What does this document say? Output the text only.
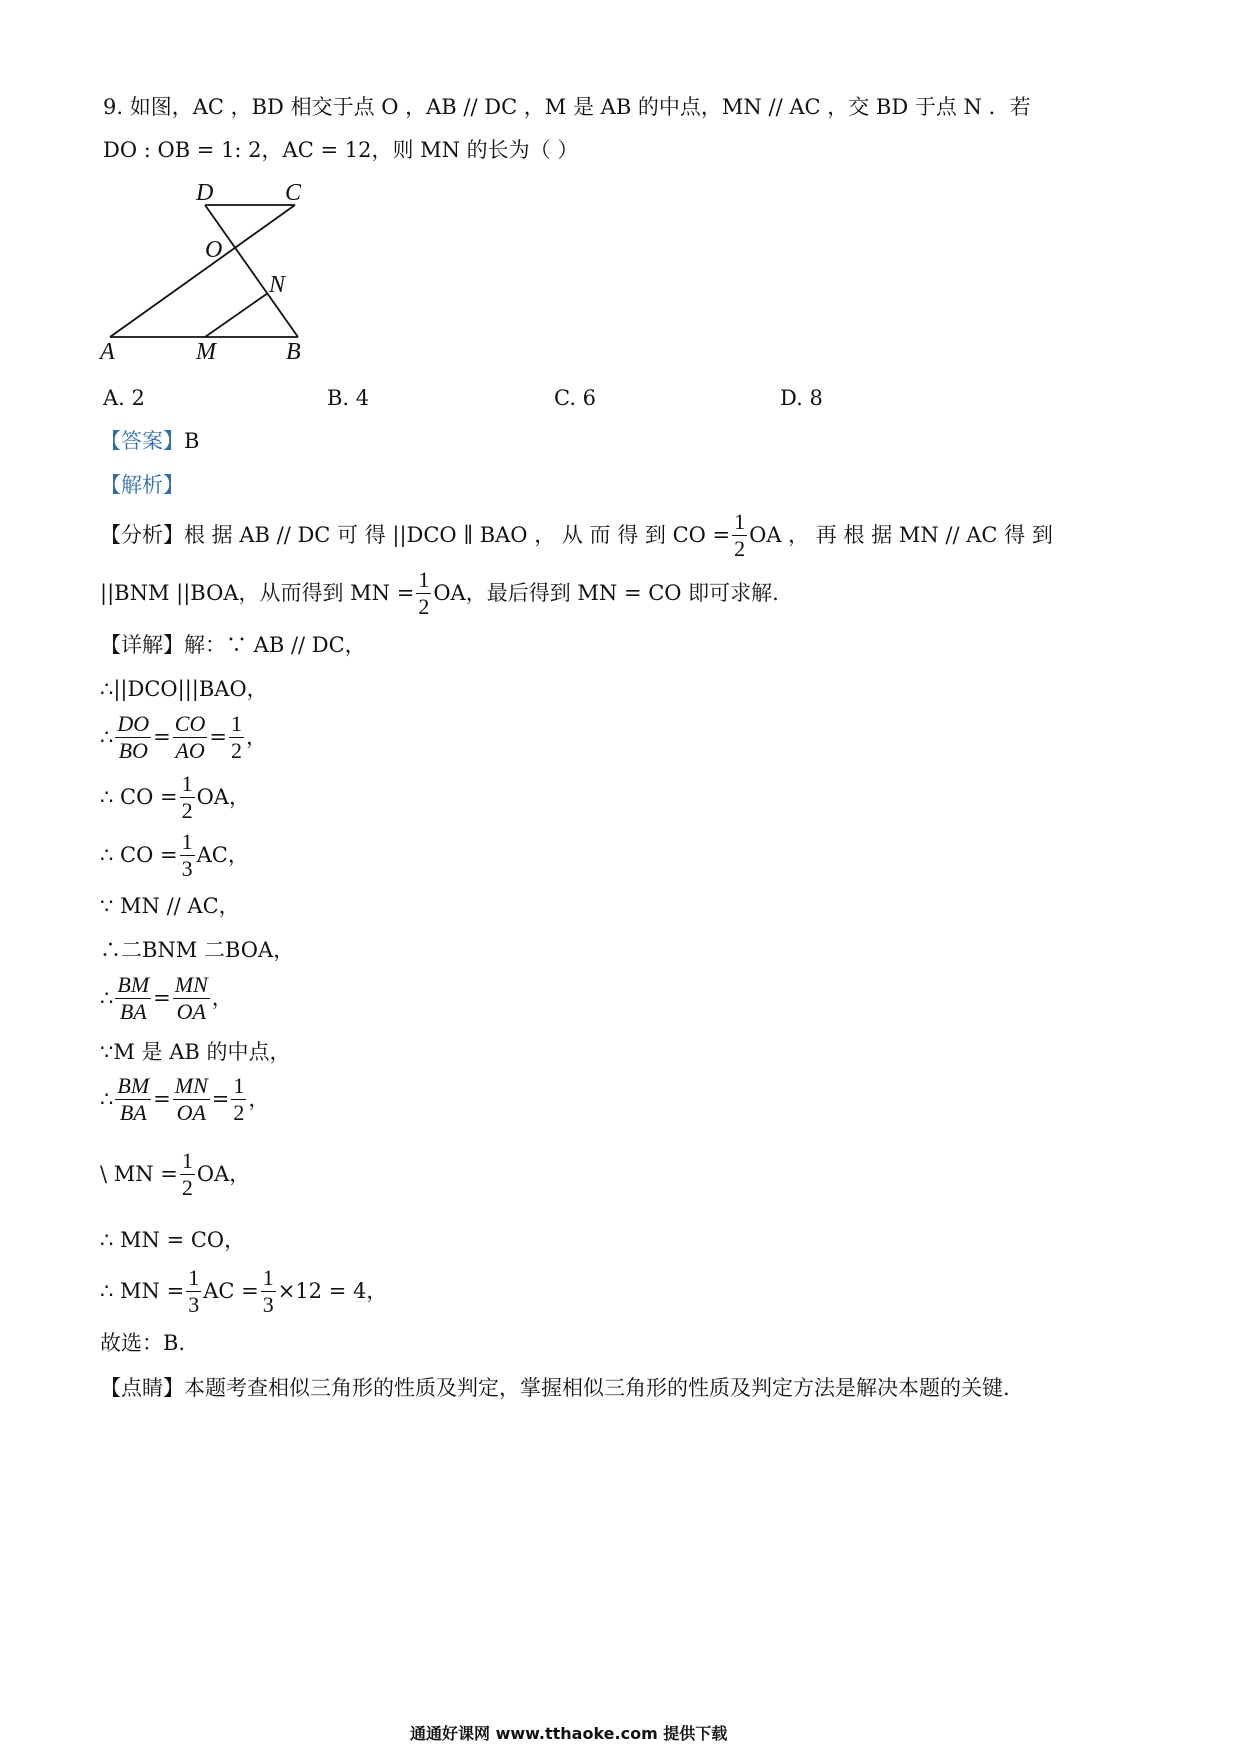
9. 如图，AC ，BD 相交于点 O ，AB // DC ，M 是 AB 的中点，MN // AC ，交 BD 于点 N ．若
DO : OB = 1: 2，AC = 12，则 MN 的长为（ ）
D	C
O
N
A	M	B
A. 2	B. 4	C. 6	D. 8
【答案】B
【解析】
【分析】 根 据 AB // DC 可 得 ||DCO ∥ BAO ， 从 而 得 到 CO = $\frac{1}{2}$ OA ， 再 根 据 MN // AC 得 到
||BNM ||BOA，从而得到 MN = $\frac{1}{2}$ OA，最后得到 MN = CO 即可求解.
【详解】解：∵ AB // DC，
∴||DCO|||BAO，
∴ $\frac{DO}{BO} = \frac{CO}{AO} = \frac{1}{2}$ ，
∴ CO = $\frac{1}{2}$ OA，
∴ CO = $\frac{1}{3}$ AC，
∵ MN // AC，
∴⼆BNM ⼆BOA，
∴ $\frac{BM}{BA} = \frac{MN}{OA}$ ，
∵M 是 AB 的中点，
∴ $\frac{BM}{BA} = \frac{MN}{OA} = \frac{1}{2}$ ，
\ MN = $\frac{1}{2}$ OA，
∴ MN = CO，
∴ MN = $\frac{1}{3}$ AC = $\frac{1}{3} \times 12 = 4$，
故选：B.
【点睛】本题考查相似三角形的性质及判定，掌握相似三角形的性质及判定方法是解决本题的关键.
通通好课网 www.tthaoke.com 提供下载
